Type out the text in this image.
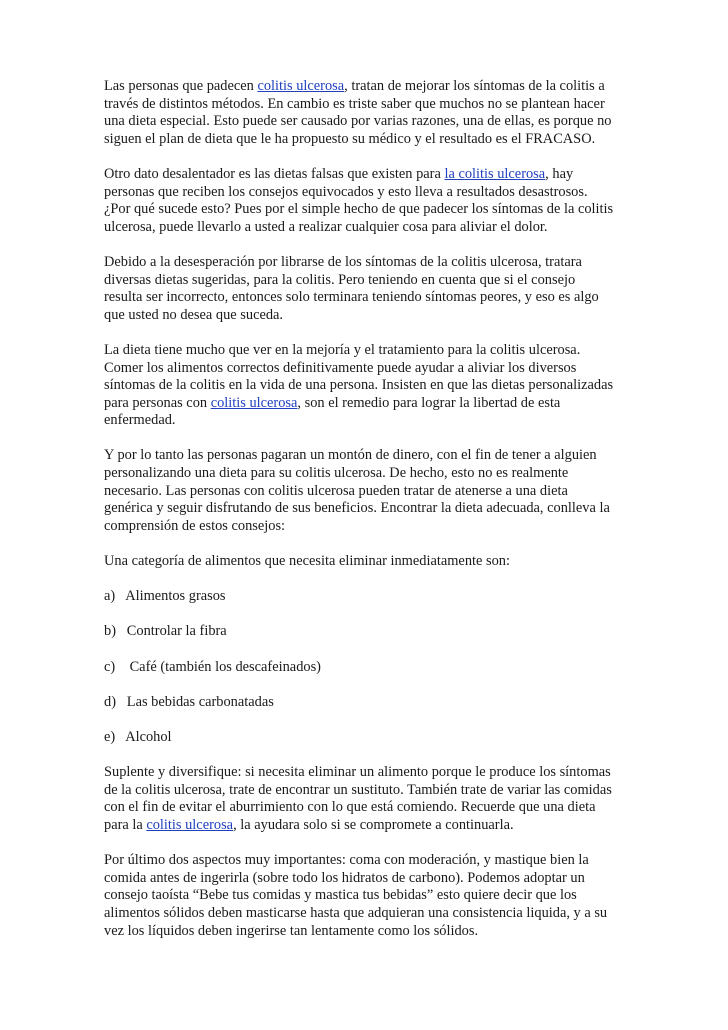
Las personas que padecen colitis ulcerosa, tratan de mejorar los síntomas de la colitis a
través de distintos métodos. En cambio es triste saber que muchos no se plantean hacer
una dieta especial. Esto puede ser causado por varias razones, una de ellas, es porque no
siguen el plan de dieta que le ha propuesto su médico y el resultado es el FRACASO.

Otro dato desalentador es las dietas falsas que existen para la colitis ulcerosa, hay
personas que reciben los consejos equivocados y esto lleva a resultados desastrosos.
¿Por qué sucede esto? Pues por el simple hecho de que padecer los síntomas de la colitis
ulcerosa, puede llevarlo a usted a realizar cualquier cosa para aliviar el dolor.

Debido a la desesperación por librarse de los síntomas de la colitis ulcerosa, tratara
diversas dietas sugeridas, para la colitis. Pero teniendo en cuenta que si el consejo
resulta ser incorrecto, entonces solo terminara teniendo síntomas peores, y eso es algo
que usted no desea que suceda.

La dieta tiene mucho que ver en la mejoría y el tratamiento para la colitis ulcerosa.
Comer los alimentos correctos definitivamente puede ayudar a aliviar los diversos
síntomas de la colitis en la vida de una persona. Insisten en que las dietas personalizadas
para personas con colitis ulcerosa, son el remedio para lograr la libertad de esta
enfermedad.

Y por lo tanto las personas pagaran un montón de dinero, con el fin de tener a alguien
personalizando una dieta para su colitis ulcerosa. De hecho, esto no es realmente
necesario. Las personas con colitis ulcerosa pueden tratar de atenerse a una dieta
genérica y seguir disfrutando de sus beneficios. Encontrar la dieta adecuada, conlleva la
comprensión de estos consejos:

Una categoría de alimentos que necesita eliminar inmediatamente son:

a) Alimentos grasos
b) Controlar la fibra
c) Café (también los descafeinados)
d) Las bebidas carbonatadas
e) Alcohol

Suplente y diversifique: si necesita eliminar un alimento porque le produce los síntomas
de la colitis ulcerosa, trate de encontrar un sustituto. También trate de variar las comidas
con el fin de evitar el aburrimiento con lo que está comiendo. Recuerde que una dieta
para la colitis ulcerosa, la ayudara solo si se compromete a continuarla.

Por último dos aspectos muy importantes: coma con moderación, y mastique bien la
comida antes de ingerirla (sobre todo los hidratos de carbono). Podemos adoptar un
consejo taoísta “Bebe tus comidas y mastica tus bebidas” esto quiere decir que los
alimentos sólidos deben masticarse hasta que adquieran una consistencia liquida, y a su
vez los líquidos deben ingerirse tan lentamente como los sólidos.
